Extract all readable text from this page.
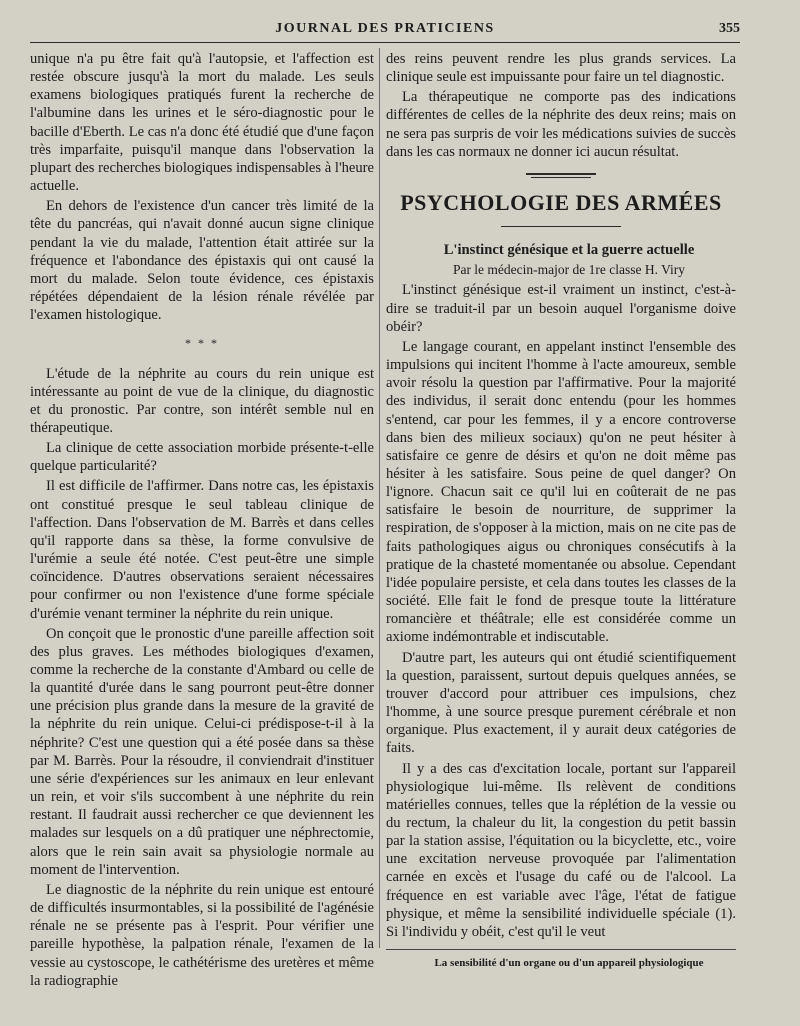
JOURNAL DES PRATICIENS	355

unique n'a pu être fait qu'à l'autopsie, et l'affection est restée obscure jusqu'à la mort du malade. Les seuls examens biologiques pratiqués furent la recherche de l'albumine dans les urines et le séro-diagnostic pour le bacille d'Eberth. Le cas n'a donc été étudié que d'une façon très imparfaite, puisqu'il manque dans l'observation la plupart des recherches biologiques indispensables à l'heure actuelle.

En dehors de l'existence d'un cancer très limité de la tête du pancréas, qui n'avait donné aucun signe clinique pendant la vie du malade, l'attention était attirée sur la fréquence et l'abondance des épistaxis qui ont causé la mort du malade. Selon toute évidence, ces épistaxis répétées dépendaient de la lésion rénale révélée par l'examen histologique.

* * *

L'étude de la néphrite au cours du rein unique est intéressante au point de vue de la clinique, du diagnostic et du pronostic. Par contre, son intérêt semble nul en thérapeutique.

La clinique de cette association morbide présente-t-elle quelque particularité?

Il est difficile de l'affirmer. Dans notre cas, les épistaxis ont constitué presque le seul tableau clinique de l'affection. Dans l'observation de M. Barrès et dans celles qu'il rapporte dans sa thèse, la forme convulsive de l'urémie a seule été notée. C'est peut-être une simple coïncidence. D'autres observations seraient nécessaires pour confirmer ou non l'existence d'une forme spéciale d'urémie venant terminer la néphrite du rein unique.

On conçoit que le pronostic d'une pareille affection soit des plus graves. Les méthodes biologiques d'examen, comme la recherche de la constante d'Ambard ou celle de la quantité d'urée dans le sang pourront peut-être donner une précision plus grande dans la mesure de la gravité de la néphrite du rein unique. Celui-ci prédispose-t-il à la néphrite? C'est une question qui a été posée dans sa thèse par M. Barrès. Pour la résoudre, il conviendrait d'instituer une série d'expériences sur les animaux en leur enlevant un rein, et voir s'ils succombent à une néphrite du rein restant. Il faudrait aussi rechercher ce que deviennent les malades sur lesquels on a dû pratiquer une néphrectomie, alors que le rein sain avait sa physiologie normale au moment de l'intervention.

Le diagnostic de la néphrite du rein unique est entouré de difficultés insurmontables, si la possibilité de l'agénésie rénale ne se présente pas à l'esprit. Pour vérifier une pareille hypothèse, la palpation rénale, l'examen de la vessie au cystoscope, le cathétérisme des uretères et même la radiographie

des reins peuvent rendre les plus grands services. La clinique seule est impuissante pour faire un tel diagnostic.

La thérapeutique ne comporte pas des indications différentes de celles de la néphrite des deux reins; mais on ne sera pas surpris de voir les médications suivies de succès dans les cas normaux ne donner ici aucun résultat.

PSYCHOLOGIE DES ARMÉES

L'instinct génésique et la guerre actuelle

Par le médecin-major de 1re classe H. Viry

L'instinct génésique est-il vraiment un instinct, c'est-à-dire se traduit-il par un besoin auquel l'organisme doive obéir?

Le langage courant, en appelant instinct l'ensemble des impulsions qui incitent l'homme à l'acte amoureux, semble avoir résolu la question par l'affirmative. Pour la majorité des individus, il serait donc entendu (pour les hommes s'entend, car pour les femmes, il y a encore controverse dans bien des milieux sociaux) qu'on ne peut hésiter à satisfaire ce genre de désirs et qu'on ne doit même pas hésiter à les satisfaire. Sous peine de quel danger? On l'ignore. Chacun sait ce qu'il lui en coûterait de ne pas satisfaire le besoin de nourriture, de supprimer la respiration, de s'opposer à la miction, mais on ne cite pas de faits pathologiques aigus ou chroniques consécutifs à la pratique de la chasteté momentanée ou absolue. Cependant l'idée populaire persiste, et cela dans toutes les classes de la société. Elle fait le fond de presque toute la littérature romancière et théâtrale; elle est considérée comme un axiome indémontrable et indiscutable.

D'autre part, les auteurs qui ont étudié scientifiquement la question, paraissent, surtout depuis quelques années, se trouver d'accord pour attribuer ces impulsions, chez l'homme, à une source presque purement cérébrale et non organique. Plus exactement, il y aurait deux catégories de faits.

Il y a des cas d'excitation locale, portant sur l'appareil physiologique lui-même. Ils relèvent de conditions matérielles connues, telles que la réplétion de la vessie ou du rectum, la chaleur du lit, la congestion du petit bassin par la station assise, l'équitation ou la bicyclette, etc., voire une excitation nerveuse provoquée par l'alimentation carnée en excès et l'usage du café ou de l'alcool. La fréquence en est variable avec l'âge, l'état de fatigue physique, et même la sensibilité individuelle spéciale (1). Si l'individu y obéit, c'est qu'il le veut

La sensibilité d'un organe ou d'un appareil physiologique
